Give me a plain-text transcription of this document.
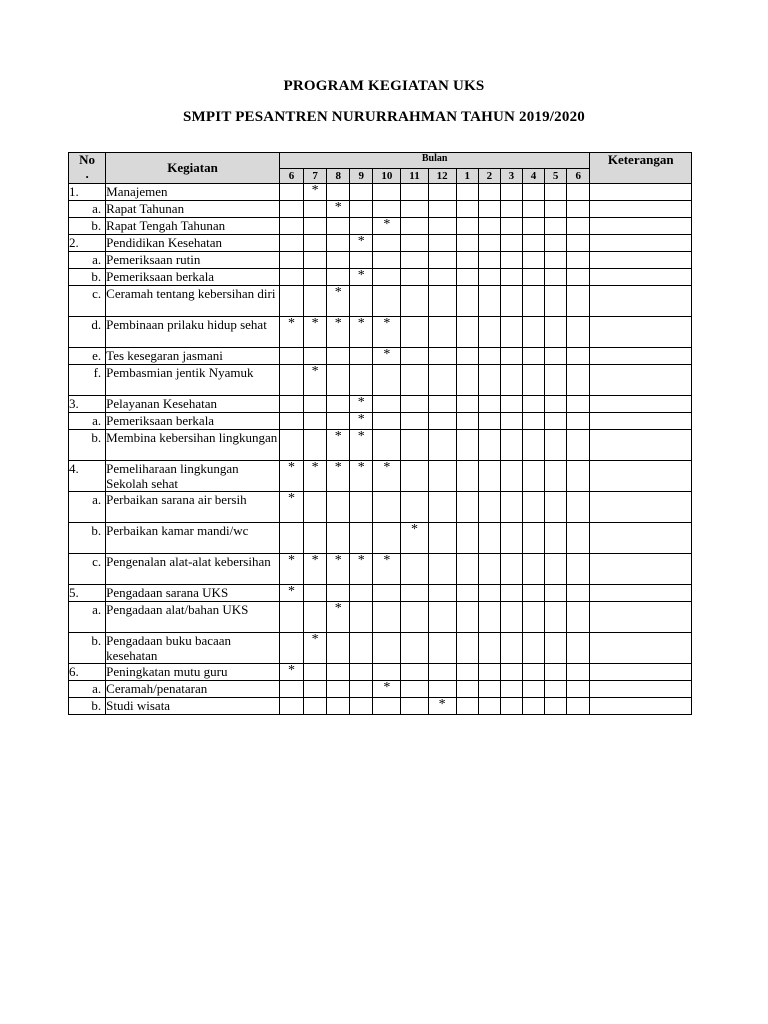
PROGRAM KEGIATAN UKS
SMPIT PESANTREN NURURRAHMAN TAHUN 2019/2020
No
.	Kegiatan	Bulan													Keterangan
		6	7	8	9	10	11	12	1	2	3	4	5	6	
1.	Manajemen		*												
a.	Rapat Tahunan			*											
b.	Rapat Tengah Tahunan					*									
2.	Pendidikan Kesehatan				*										
a.	Pemeriksaan rutin														
b.	Pemeriksaan berkala				*										
c.	Ceramah tentang kebersihan diri			*											
d.	Pembinaan prilaku hidup sehat	*	*	*	*	*									
e.	Tes kesegaran jasmani					*									
f.	Pembasmian jentik Nyamuk		*												
3.	Pelayanan Kesehatan				*										
a.	Pemeriksaan berkala				*										
b.	Membina kebersihan lingkungan			*	*										
4.	Pemeliharaan lingkungan Sekolah sehat	*	*	*	*	*									
a.	Perbaikan sarana air bersih	*													
b.	Perbaikan kamar mandi/wc						*								
c.	Pengenalan alat-alat kebersihan	*	*	*	*	*									
5.	Pengadaan sarana UKS	*													
a.	Pengadaan alat/bahan UKS			*											
b.	Pengadaan buku bacaan kesehatan		*												
6.	Peningkatan mutu guru	*													
a.	Ceramah/penataran					*									
b.	Studi wisata							*							
